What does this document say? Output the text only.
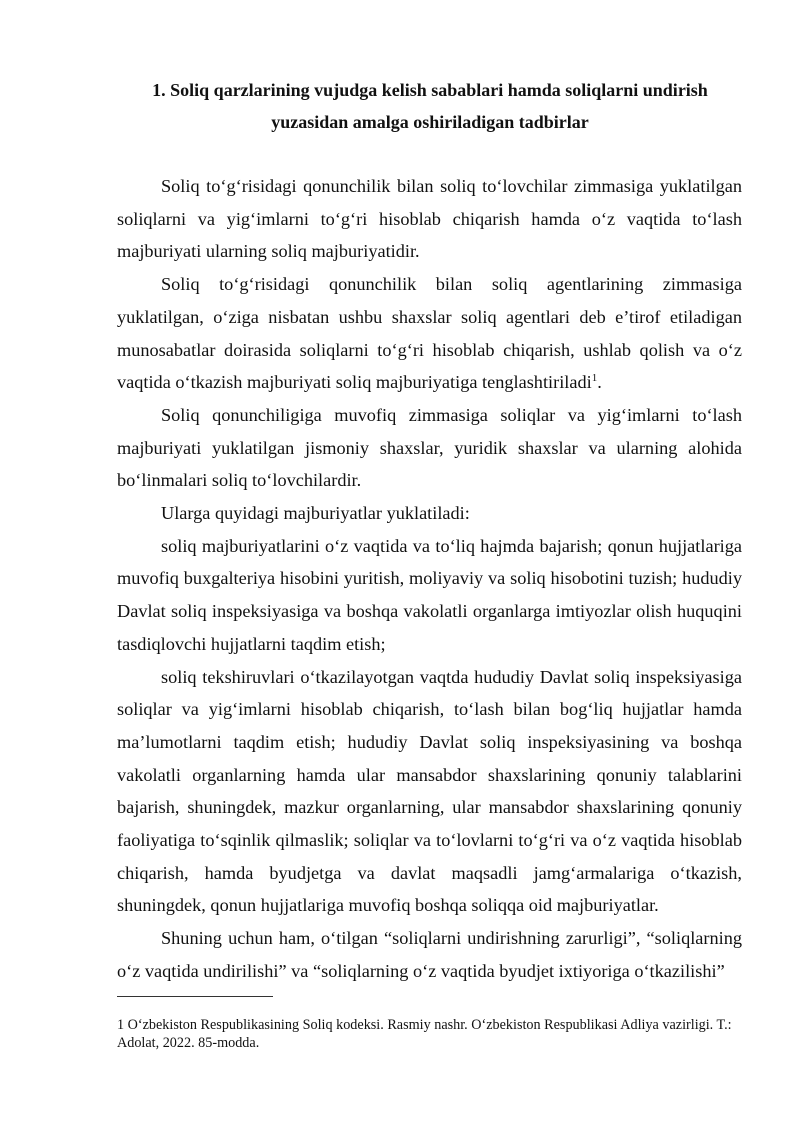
1. Soliq qarzlarining vujudga kelish sabablari hamda soliqlarni undirish yuzasidan amalga oshiriladigan tadbirlar

Soliq to‘g‘risidagi qonunchilik bilan soliq to‘lovchilar zimmasiga yuklatilgan soliqlarni va yig‘imlarni to‘g‘ri hisoblab chiqarish hamda o‘z vaqtida to‘lash majburiyati ularning soliq majburiyatidir.

Soliq to‘g‘risidagi qonunchilik bilan soliq agentlarining zimmasiga yuklatilgan, o‘ziga nisbatan ushbu shaxslar soliq agentlari deb e’tirof etiladigan munosabatlar doirasida soliqlarni to‘g‘ri hisoblab chiqarish, ushlab qolish va o‘z vaqtida o‘tkazish majburiyati soliq majburiyatiga tenglashtiriladi$^1$.

Soliq qonunchiligiga muvofiq zimmasiga soliqlar va yig‘imlarni to‘lash majburiyati yuklatilgan jismoniy shaxslar, yuridik shaxslar va ularning alohida bo‘linmalari soliq to‘lovchilardir.

Ularga quyidagi majburiyatlar yuklatiladi:

soliq majburiyatlarini o‘z vaqtida va to‘liq hajmda bajarish; qonun hujjatlariga muvofiq buxgalteriya hisobini yuritish, moliyaviy va soliq hisobotini tuzish; hududiy Davlat soliq inspeksiyasiga va boshqa vakolatli organlarga imtiyozlar olish huquqini tasdiqlovchi hujjatlarni taqdim etish;

soliq tekshiruvlari o‘tkazilayotgan vaqtda hududiy Davlat soliq inspeksiyasiga soliqlar va yig‘imlarni hisoblab chiqarish, to‘lash bilan bog‘liq hujjatlar hamda ma’lumotlarni taqdim etish; hududiy Davlat soliq inspeksiyasining va boshqa vakolatli organlarning hamda ular mansabdor shaxslarining qonuniy talablarini bajarish, shuningdek, mazkur organlarning, ular mansabdor shaxslarining qonuniy faoliyatiga to‘sqinlik qilmaslik; soliqlar va to‘lovlarni to‘g‘ri va o‘z vaqtida hisoblab chiqarish, hamda byudjetga va davlat maqsadli jamg‘armalariga o‘tkazish, shuningdek, qonun hujjatlariga muvofiq boshqa soliqqa oid majburiyatlar.

Shuning uchun ham, o‘tilgan “soliqlarni undirishning zarurligi”, “soliqlarning o‘z vaqtida undirilishi” va “soliqlarning o‘z vaqtida byudjet ixtiyoriga o‘tkazilishi”

1 O‘zbekiston Respublikasining Soliq kodeksi. Rasmiy nashr. O‘zbekiston Respublikasi Adliya vazirligi. T.: Adolat, 2022. 85-modda.
